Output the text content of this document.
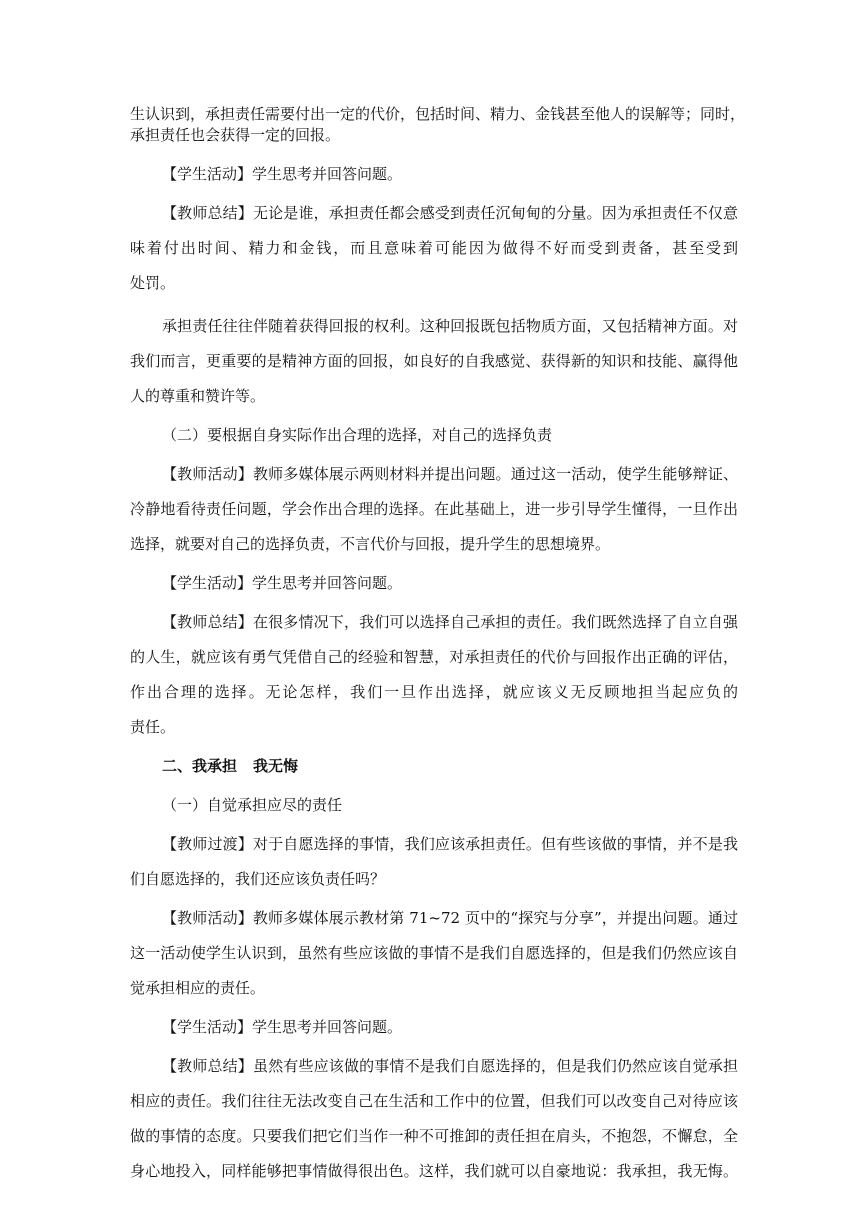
生认识到，承担责任需要付出一定的代价，包括时间、精力、金钱甚至他人的误解等；同时，

承担责任也会获得一定的回报。

【学生活动】学生思考并回答问题。

【教师总结】无论是谁，承担责任都会感受到责任沉甸甸的分量。因为承担责任不仅意

味着付出时间、精力和金钱，而且意味着可能因为做得不好而受到责备，甚至受到

处罚。

承担责任往往伴随着获得回报的权利。这种回报既包括物质方面，又包括精神方面。对

我们而言，更重要的是精神方面的回报，如良好的自我感觉、获得新的知识和技能、赢得他

人的尊重和赞许等。

（二）要根据自身实际作出合理的选择，对自己的选择负责

【教师活动】教师多媒体展示两则材料并提出问题。通过这一活动，使学生能够辩证、

冷静地看待责任问题，学会作出合理的选择。在此基础上，进一步引导学生懂得，一旦作出

选择，就要对自己的选择负责，不言代价与回报，提升学生的思想境界。

【学生活动】学生思考并回答问题。

【教师总结】在很多情况下，我们可以选择自己承担的责任。我们既然选择了自立自强

的人生，就应该有勇气凭借自己的经验和智慧，对承担责任的代价与回报作出正确的评估，

作出合理的选择。无论怎样，我们一旦作出选择，就应该义无反顾地担当起应负的

责任。

二、我承担 我无悔

（一）自觉承担应尽的责任

【教师过渡】对于自愿选择的事情，我们应该承担责任。但有些该做的事情，并不是我

们自愿选择的，我们还应该负责任吗？

【教师活动】教师多媒体展示教材第 71~72 页中的“探究与分享”，并提出问题。通过

这一活动使学生认识到，虽然有些应该做的事情不是我们自愿选择的，但是我们仍然应该自

觉承担相应的责任。

【学生活动】学生思考并回答问题。

【教师总结】虽然有些应该做的事情不是我们自愿选择的，但是我们仍然应该自觉承担

相应的责任。我们往往无法改变自己在生活和工作中的位置，但我们可以改变自己对待应该

做的事情的态度。只要我们把它们当作一种不可推卸的责任担在肩头，不抱怨，不懈怠，全

身心地投入，同样能够把事情做得很出色。这样，我们就可以自豪地说：我承担，我无悔。
